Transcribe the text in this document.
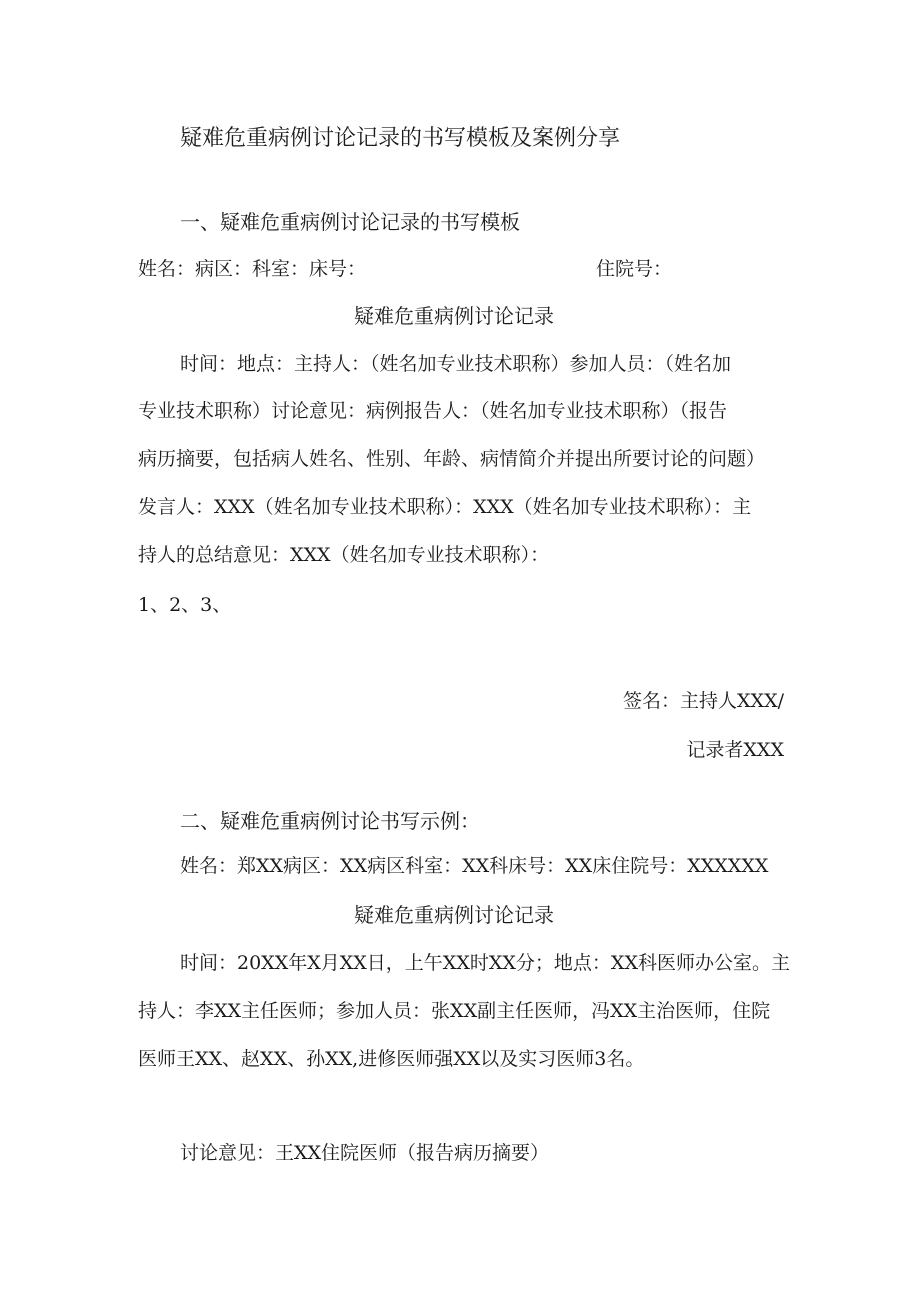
疑难危重病例讨论记录的书写模板及案例分享
一、疑难危重病例讨论记录的书写模板
姓名：病区：科室：床号：	住院号：
疑难危重病例讨论记录
时间：地点：主持人：（姓名加专业技术职称）参加人员：（姓名加
专业技术职称）讨论意见：病例报告人：（姓名加专业技术职称）（报告
病历摘要，包括病人姓名、性别、年龄、病情简介并提出所要讨论的问题）
发言人：XXX（姓名加专业技术职称）：XXX（姓名加专业技术职称）：主
持人的总结意见：XXX（姓名加专业技术职称）：
1、2、3、
签名：主持人XXX/
记录者XXX
二、疑难危重病例讨论书写示例：
姓名：郑XX病区：XX病区科室：XX科床号：XX床住院号：XXXXXX
疑难危重病例讨论记录
时间：20XX年X月XX日，上午XX时XX分；地点：XX科医师办公室。主
持人：李XX主任医师；参加人员：张XX副主任医师，冯XX主治医师，住院
医师王XX、赵XX、孙XX,进修医师强XX以及实习医师3名。
讨论意见：王XX住院医师（报告病历摘要）
